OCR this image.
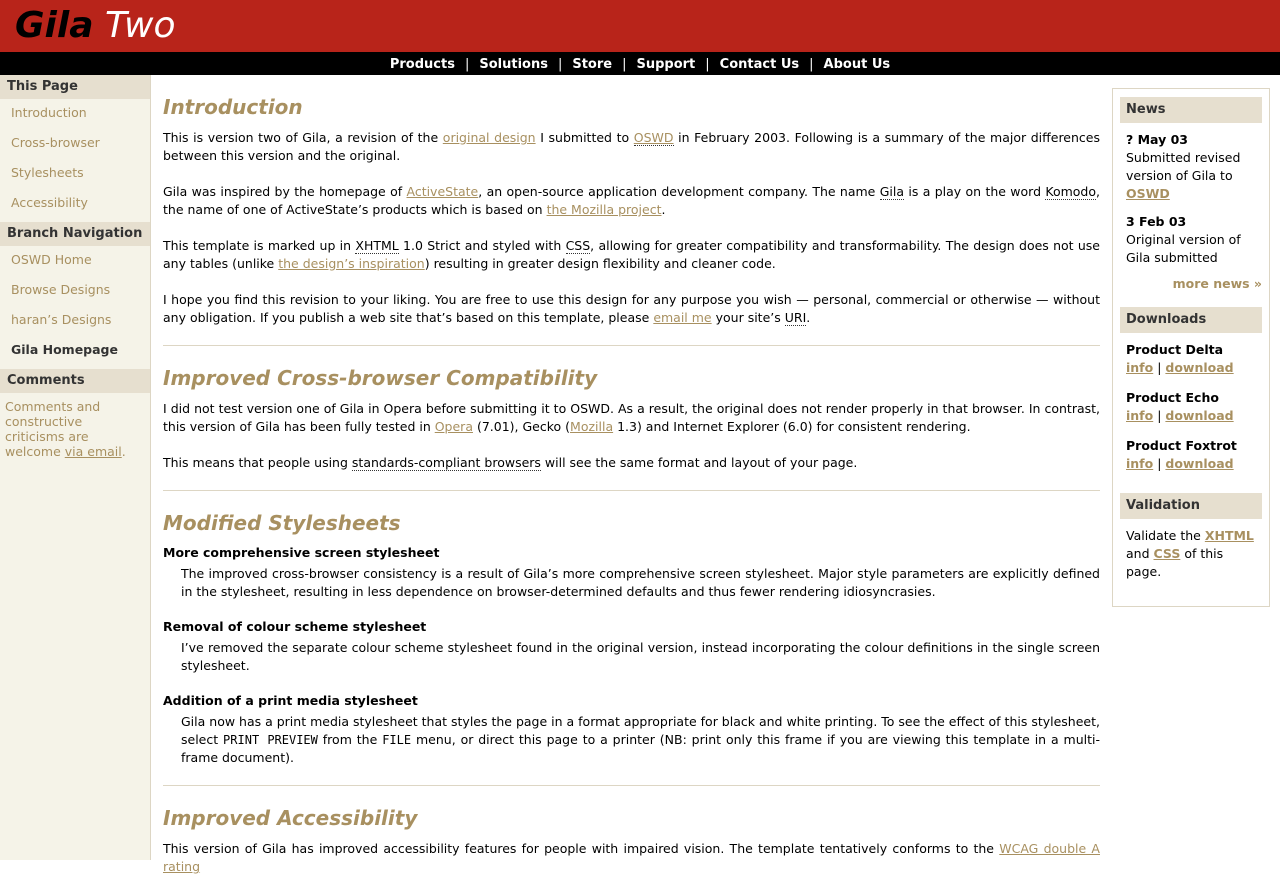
Gila Two
Products | Solutions | Store | Support | Contact Us | About Us
This Page
Introduction
Cross-browser
Stylesheets
Accessibility
Branch Navigation
OSWD Home
Browse Designs
haran’s Designs
Gila Homepage
Comments
Comments and constructive criticisms are welcome via email.
Introduction

This is version two of Gila, a revision of the original design I submitted to OSWD in February 2003. Following is a summary of the major differences between this version and the original.

Gila was inspired by the homepage of ActiveState, an open-source application development company. The name Gila is a play on the word Komodo, the name of one of ActiveState’s products which is based on the Mozilla project.

This template is marked up in XHTML 1.0 Strict and styled with CSS, allowing for greater compatibility and transformability. The design does not use any tables (unlike the design’s inspiration) resulting in greater design flexibility and cleaner code.

I hope you find this revision to your liking. You are free to use this design for any purpose you wish — personal, commercial or otherwise — without any obligation. If you publish a web site that’s based on this template, please email me your site’s URI.

Improved Cross-browser Compatibility

I did not test version one of Gila in Opera before submitting it to OSWD. As a result, the original does not render properly in that browser. In contrast, this version of Gila has been fully tested in Opera (7.01), Gecko (Mozilla 1.3) and Internet Explorer (6.0) for consistent rendering.

This means that people using standards-compliant browsers will see the same format and layout of your page.

Modified Stylesheets
More comprehensive screen stylesheet

The improved cross-browser consistency is a result of Gila’s more comprehensive screen stylesheet. Major style parameters are explicitly defined in the stylesheet, resulting in less dependence on browser-determined defaults and thus fewer rendering idiosyncrasies.

Removal of colour scheme stylesheet

I’ve removed the separate colour scheme stylesheet found in the original version, instead incorporating the colour definitions in the single screen stylesheet.

Addition of a print media stylesheet

Gila now has a print media stylesheet that styles the page in a format appropriate for black and white printing. To see the effect of this stylesheet, select PRINT PREVIEW from the FILE menu, or direct this page to a printer (NB: print only this frame if you are viewing this template in a multi-frame document).

Improved Accessibility

This version of Gila has improved accessibility features for people with impaired vision. The template tentatively conforms to the WCAG double A rating

News
? May 03
Submitted revised version of Gila to OSWD
3 Feb 03
Original version of Gila submitted
more news »
Downloads
Product Delta
info | download
Product Echo
info | download
Product Foxtrot
info | download
Validation
Validate the XHTML and CSS of this page.
